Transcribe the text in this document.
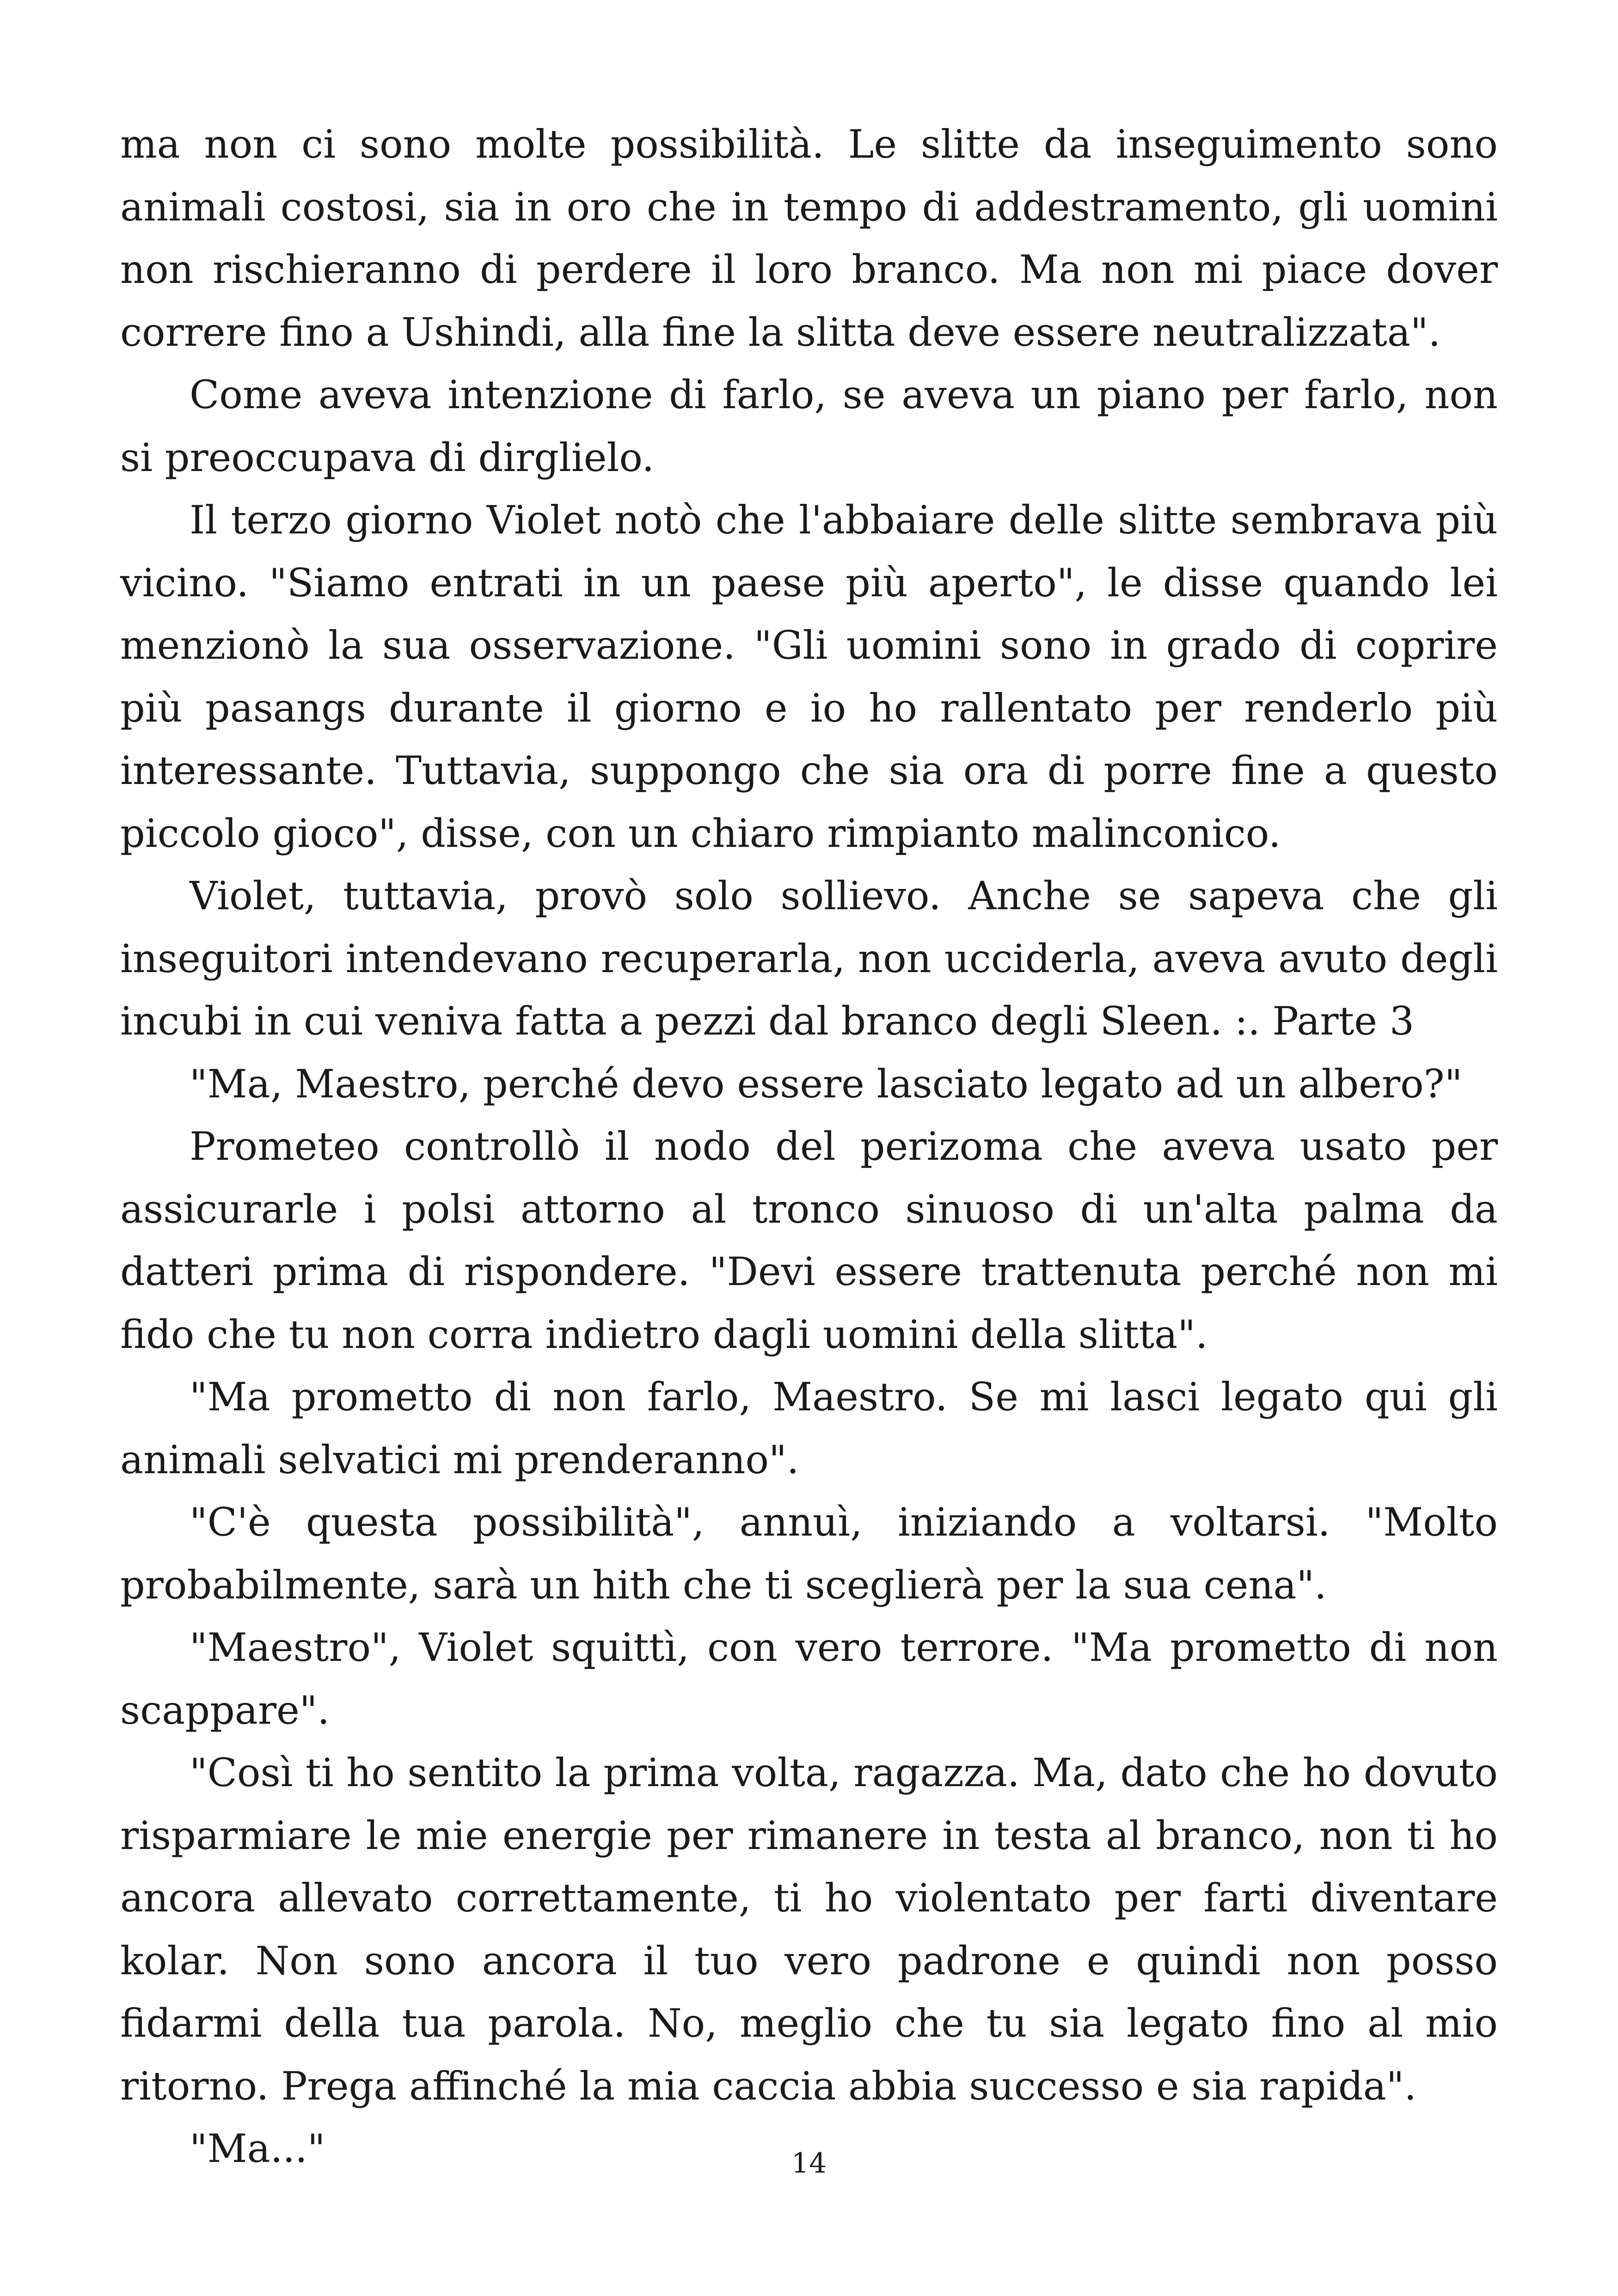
ma non ci sono molte possibilità. Le slitte da inseguimento sono animali costosi, sia in oro che in tempo di addestramento, gli uomini non rischieranno di perdere il loro branco. Ma non mi piace dover correre fino a Ushindi, alla fine la slitta deve essere neutralizzata".

Come aveva intenzione di farlo, se aveva un piano per farlo, non si preoccupava di dirglielo.

Il terzo giorno Violet notò che l'abbaiare delle slitte sembrava più vicino. "Siamo entrati in un paese più aperto", le disse quando lei menzionò la sua osservazione. "Gli uomini sono in grado di coprire più pasangs durante il giorno e io ho rallentato per renderlo più interessante. Tuttavia, suppongo che sia ora di porre fine a questo piccolo gioco", disse, con un chiaro rimpianto malinconico.

Violet, tuttavia, provò solo sollievo. Anche se sapeva che gli inseguitori intendevano recuperarla, non ucciderla, aveva avuto degli incubi in cui veniva fatta a pezzi dal branco degli Sleen. :. Parte 3

"Ma, Maestro, perché devo essere lasciato legato ad un albero?"

Prometeo controllò il nodo del perizoma che aveva usato per assicurarle i polsi attorno al tronco sinuoso di un'alta palma da datteri prima di rispondere. "Devi essere trattenuta perché non mi fido che tu non corra indietro dagli uomini della slitta".

"Ma prometto di non farlo, Maestro. Se mi lasci legato qui gli animali selvatici mi prenderanno".

"C'è questa possibilità", annuì, iniziando a voltarsi. "Molto probabilmente, sarà un hith che ti sceglierà per la sua cena".

"Maestro", Violet squittì, con vero terrore. "Ma prometto di non scappare".

"Così ti ho sentito la prima volta, ragazza. Ma, dato che ho dovuto risparmiare le mie energie per rimanere in testa al branco, non ti ho ancora allevato correttamente, ti ho violentato per farti diventare kolar. Non sono ancora il tuo vero padrone e quindi non posso fidarmi della tua parola. No, meglio che tu sia legato fino al mio ritorno. Prega affinché la mia caccia abbia successo e sia rapida".

"Ma..."	14
